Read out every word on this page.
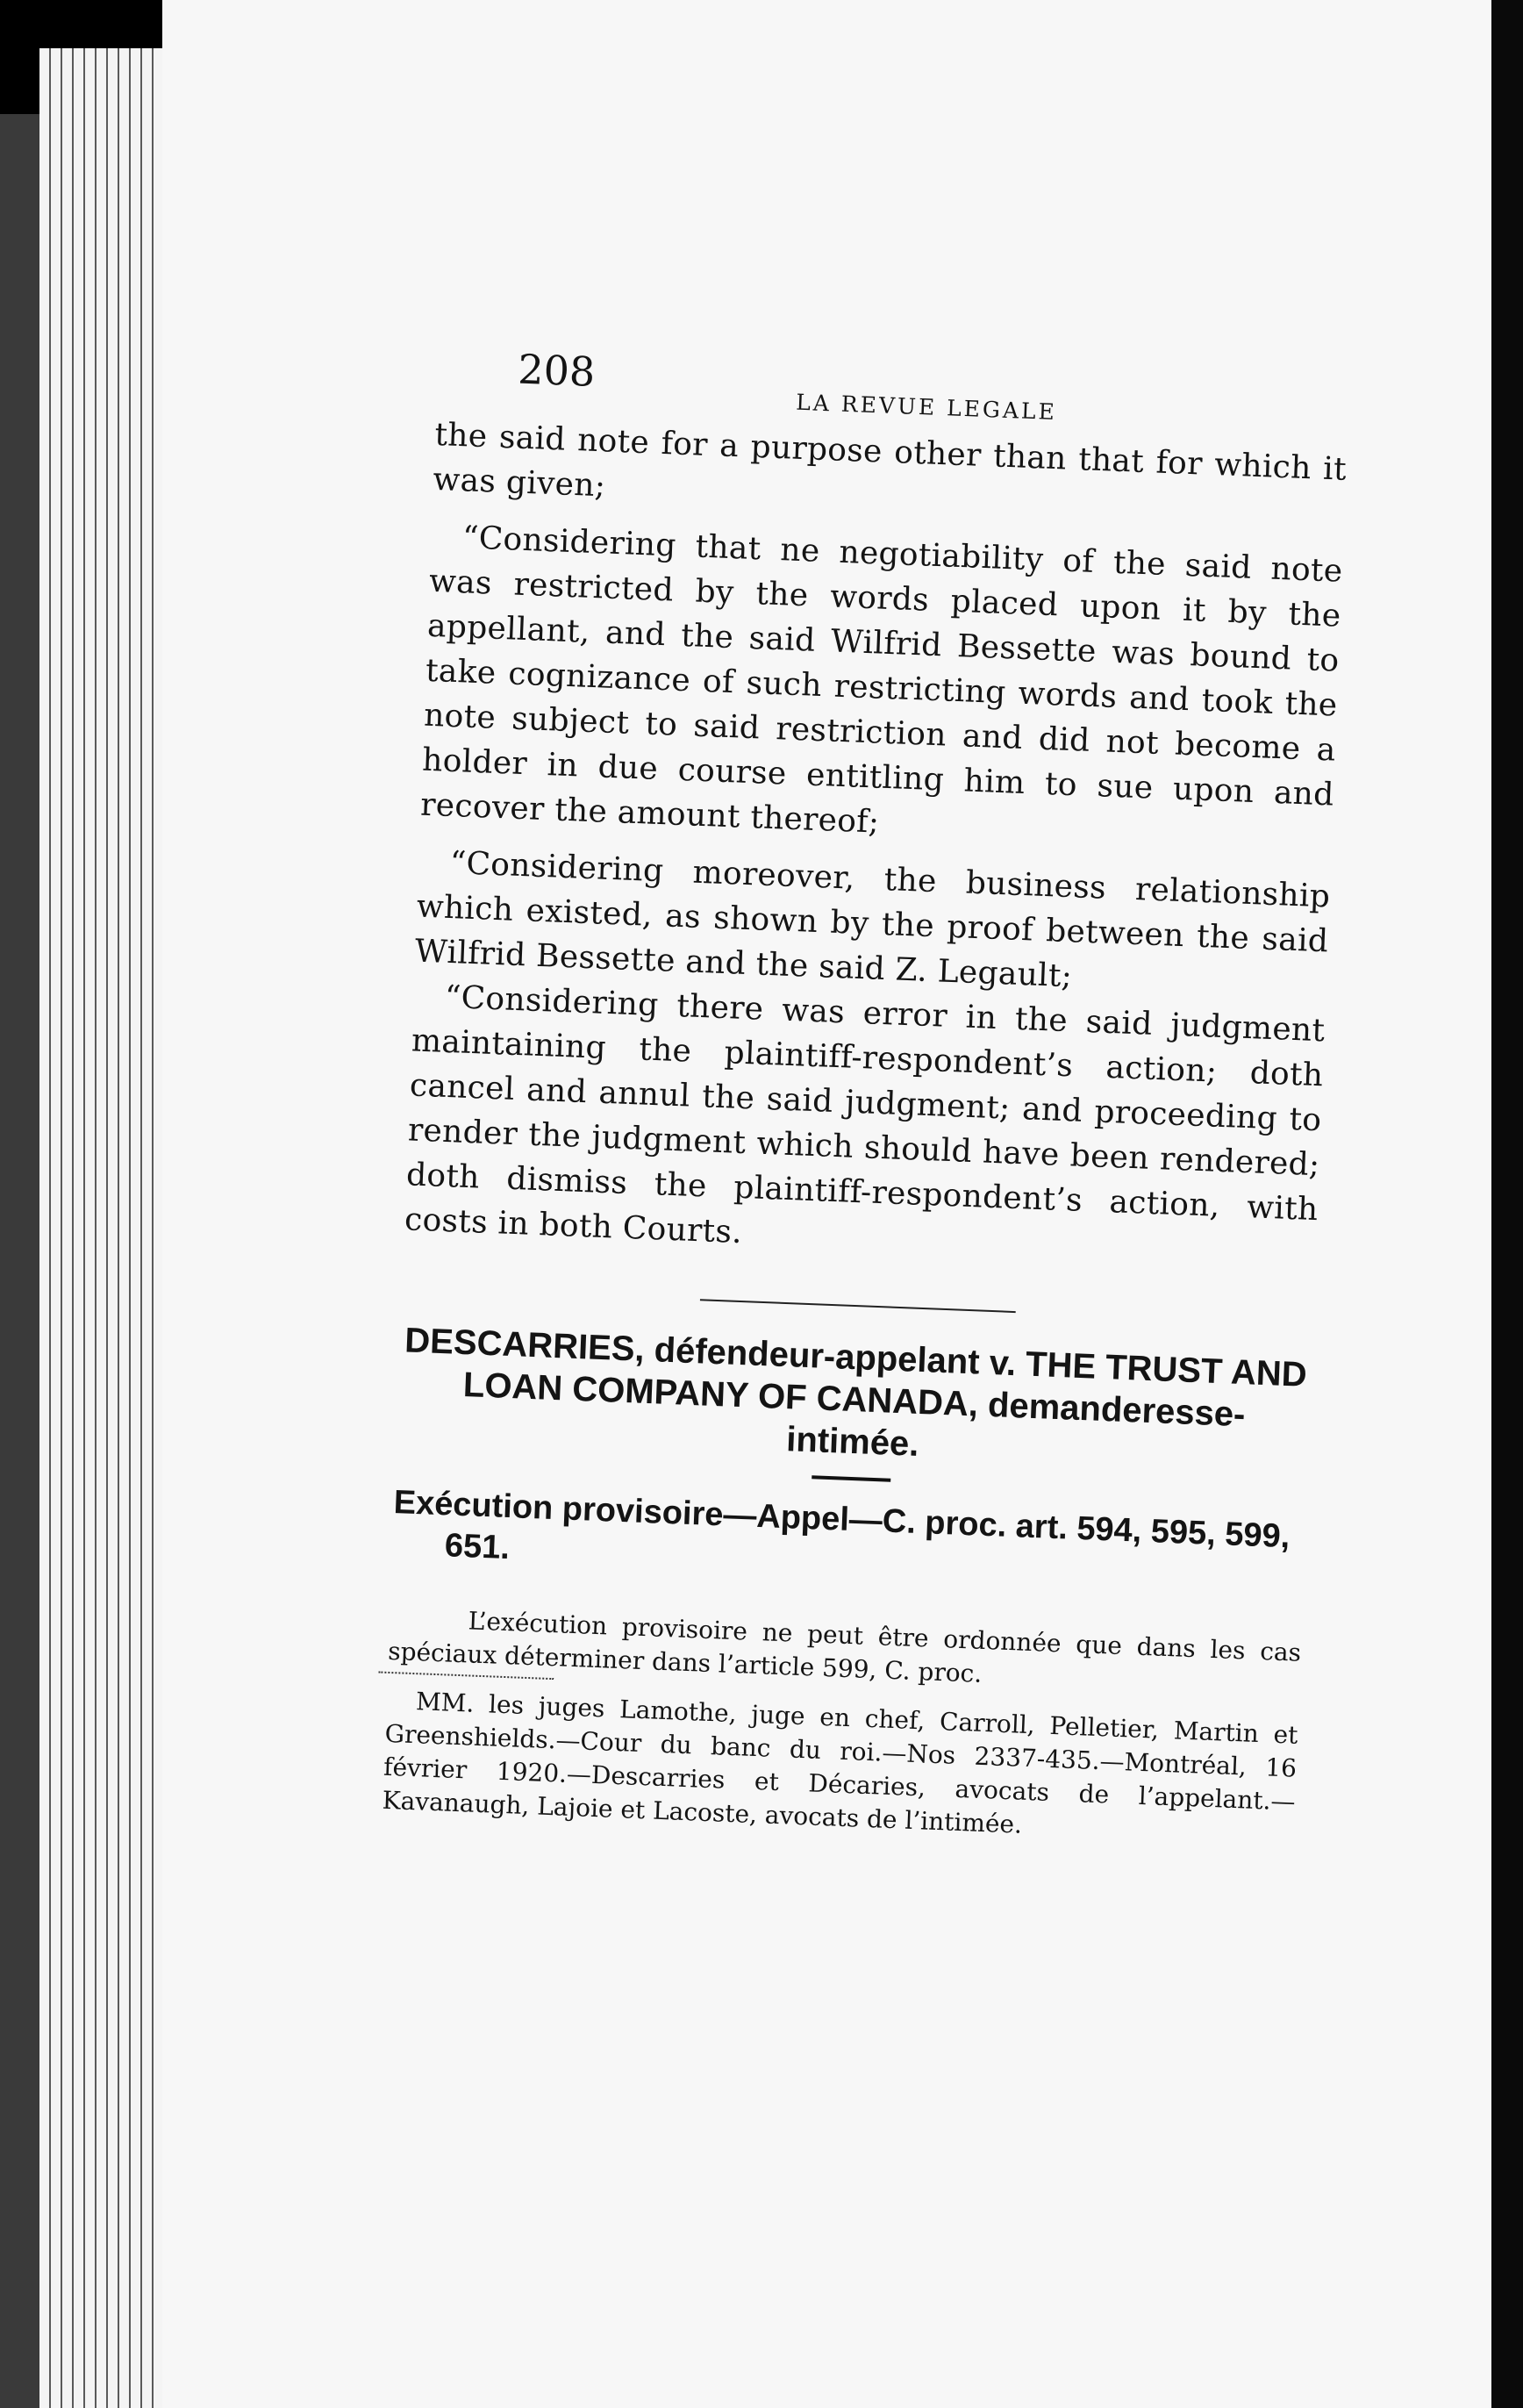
208
LA REVUE LEGALE

the said note for a purpose other than that for which it was given;

“Considering that ne negotiability of the said note was restricted by the words placed upon it by the appellant, and the said Wilfrid Bessette was bound to take cognizance of such restricting words and took the note subject to said restriction and did not become a holder in due course entitling him to sue upon and recover the amount thereof;

“Considering moreover, the business relationship which existed, as shown by the proof between the said Wilfrid Bessette and the said Z. Legault;

“Considering there was error in the said judgment maintaining the plaintiff-respondent’s action; doth cancel and annul the said judgment; and proceeding to render the judgment which should have been rendered; doth dismiss the plaintiff-respondent’s action, with costs in both Courts.

DESCARRIES, défendeur-appelant v. THE TRUST AND LOAN COMPANY OF CANADA, demanderesse-intimée.

Exécution provisoire—Appel—C. proc. art. 594, 595, 599, 651.

L’exécution provisoire ne peut être ordonnée que dans les cas spéciaux déterminer dans l’article 599, C. proc.

MM. les juges Lamothe, juge en chef, Carroll, Pelletier, Martin et Greenshields.—Cour du banc du roi.—Nos 2337-435.—Montréal, 16 février 1920.—Descarries et Décaries, avocats de l’appelant.—Kavanaugh, Lajoie et Lacoste, avocats de l’intimée.
